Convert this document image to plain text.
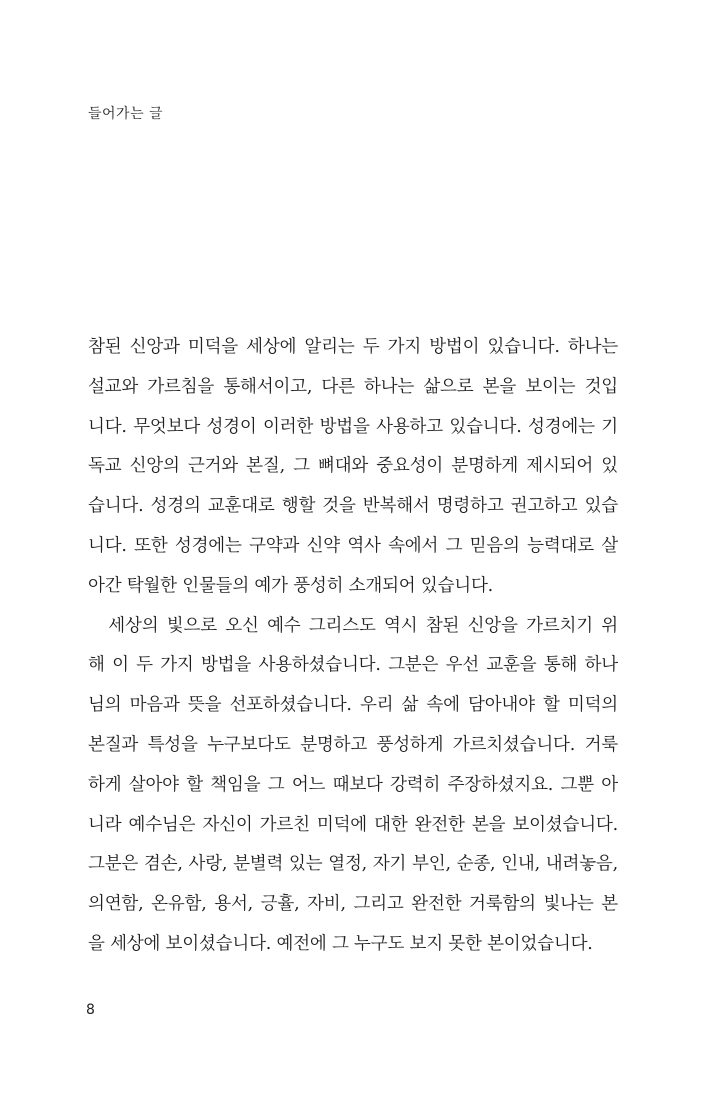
들어가는 글
참된 신앙과 미덕을 세상에 알리는 두 가지 방법이 있습니다. 하나는
설교와 가르침을 통해서이고, 다른 하나는 삶으로 본을 보이는 것입
니다. 무엇보다 성경이 이러한 방법을 사용하고 있습니다. 성경에는 기
독교 신앙의 근거와 본질, 그 뼈대와 중요성이 분명하게 제시되어 있
습니다. 성경의 교훈대로 행할 것을 반복해서 명령하고 권고하고 있습
니다. 또한 성경에는 구약과 신약 역사 속에서 그 믿음의 능력대로 살
아간 탁월한 인물들의 예가 풍성히 소개되어 있습니다.
　세상의 빛으로 오신 예수 그리스도 역시 참된 신앙을 가르치기 위
해 이 두 가지 방법을 사용하셨습니다. 그분은 우선 교훈을 통해 하나
님의 마음과 뜻을 선포하셨습니다. 우리 삶 속에 담아내야 할 미덕의
본질과 특성을 누구보다도 분명하고 풍성하게 가르치셨습니다. 거룩
하게 살아야 할 책임을 그 어느 때보다 강력히 주장하셨지요. 그뿐 아
니라 예수님은 자신이 가르친 미덕에 대한 완전한 본을 보이셨습니다.
그분은 겸손, 사랑, 분별력 있는 열정, 자기 부인, 순종, 인내, 내려놓음,
의연함, 온유함, 용서, 긍휼, 자비, 그리고 완전한 거룩함의 빛나는 본
을 세상에 보이셨습니다. 예전에 그 누구도 보지 못한 본이었습니다.
8
